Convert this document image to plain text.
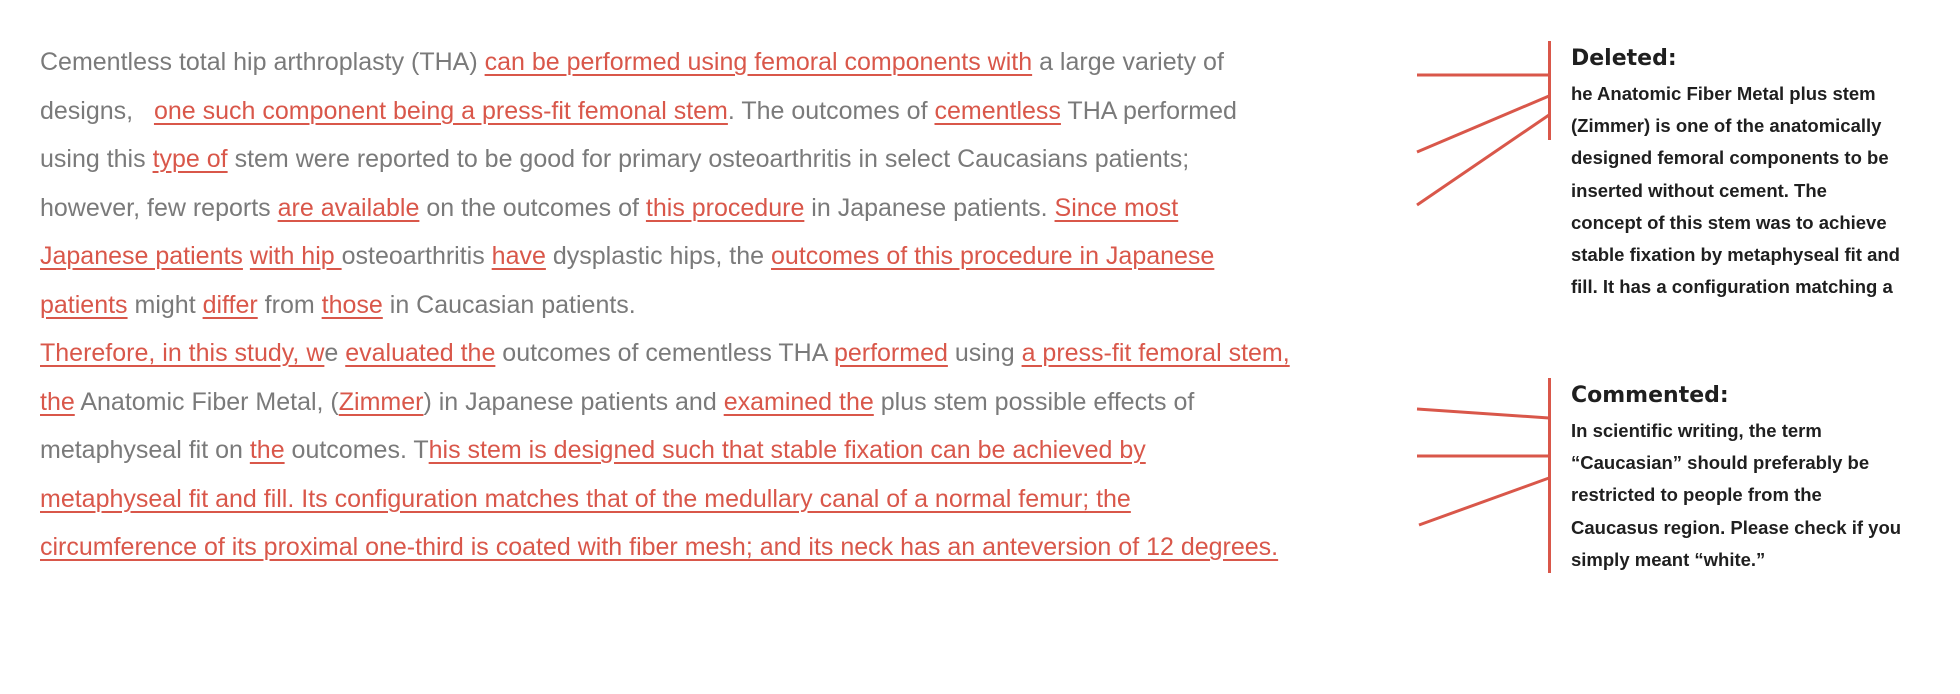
Cementless total hip arthroplasty (THA) can be performed using femoral components with a large variety of
designs,   one such component being a press-fit femonal stem. The outcomes of cementless THA performed
using this type of stem were reported to be good for primary osteoarthritis in select Caucasians patients;
however, few reports are available on the outcomes of this procedure in Japanese patients. Since most
Japanese patients with hip osteoarthritis have dysplastic hips, the outcomes of this procedure in Japanese
patients might differ from those in Caucasian patients.
Therefore, in this study, we evaluated the outcomes of cementless THA performed using a press-fit femoral stem,
the Anatomic Fiber Metal, (Zimmer) in Japanese patients and examined the plus stem possible effects of
metaphyseal fit on the outcomes. This stem is designed such that stable fixation can be achieved by
metaphyseal fit and fill. Its configuration matches that of the medullary canal of a normal femur; the
circumference of its proximal one-third is coated with fiber mesh; and its neck has an anteversion of 12 degrees.
Deleted:
he Anatomic Fiber Metal plus stem
(Zimmer) is one of the anatomically
designed femoral components to be
inserted without cement. The
concept of this stem was to achieve
stable fixation by metaphyseal fit and
fill. It has a configuration matching a
Commented:
In scientific writing, the term
“Caucasian” should preferably be
restricted to people from the
Caucasus region. Please check if you
simply meant “white.”
